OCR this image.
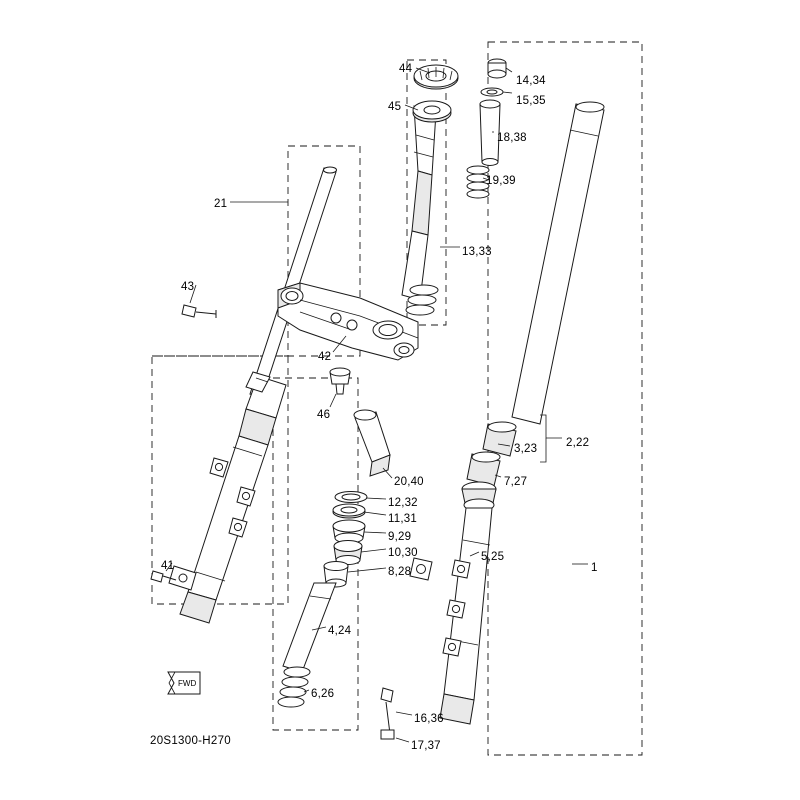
FWD
20S1300-H270
44
14,34
15,35
45
18,38
19,39
13,33
21
43
42
46
2,22
3,23
7,27
20,40
12,32
11,31
9,29
10,30
8,28
5,25
1
41
4,24
6,26
16,36
17,37
